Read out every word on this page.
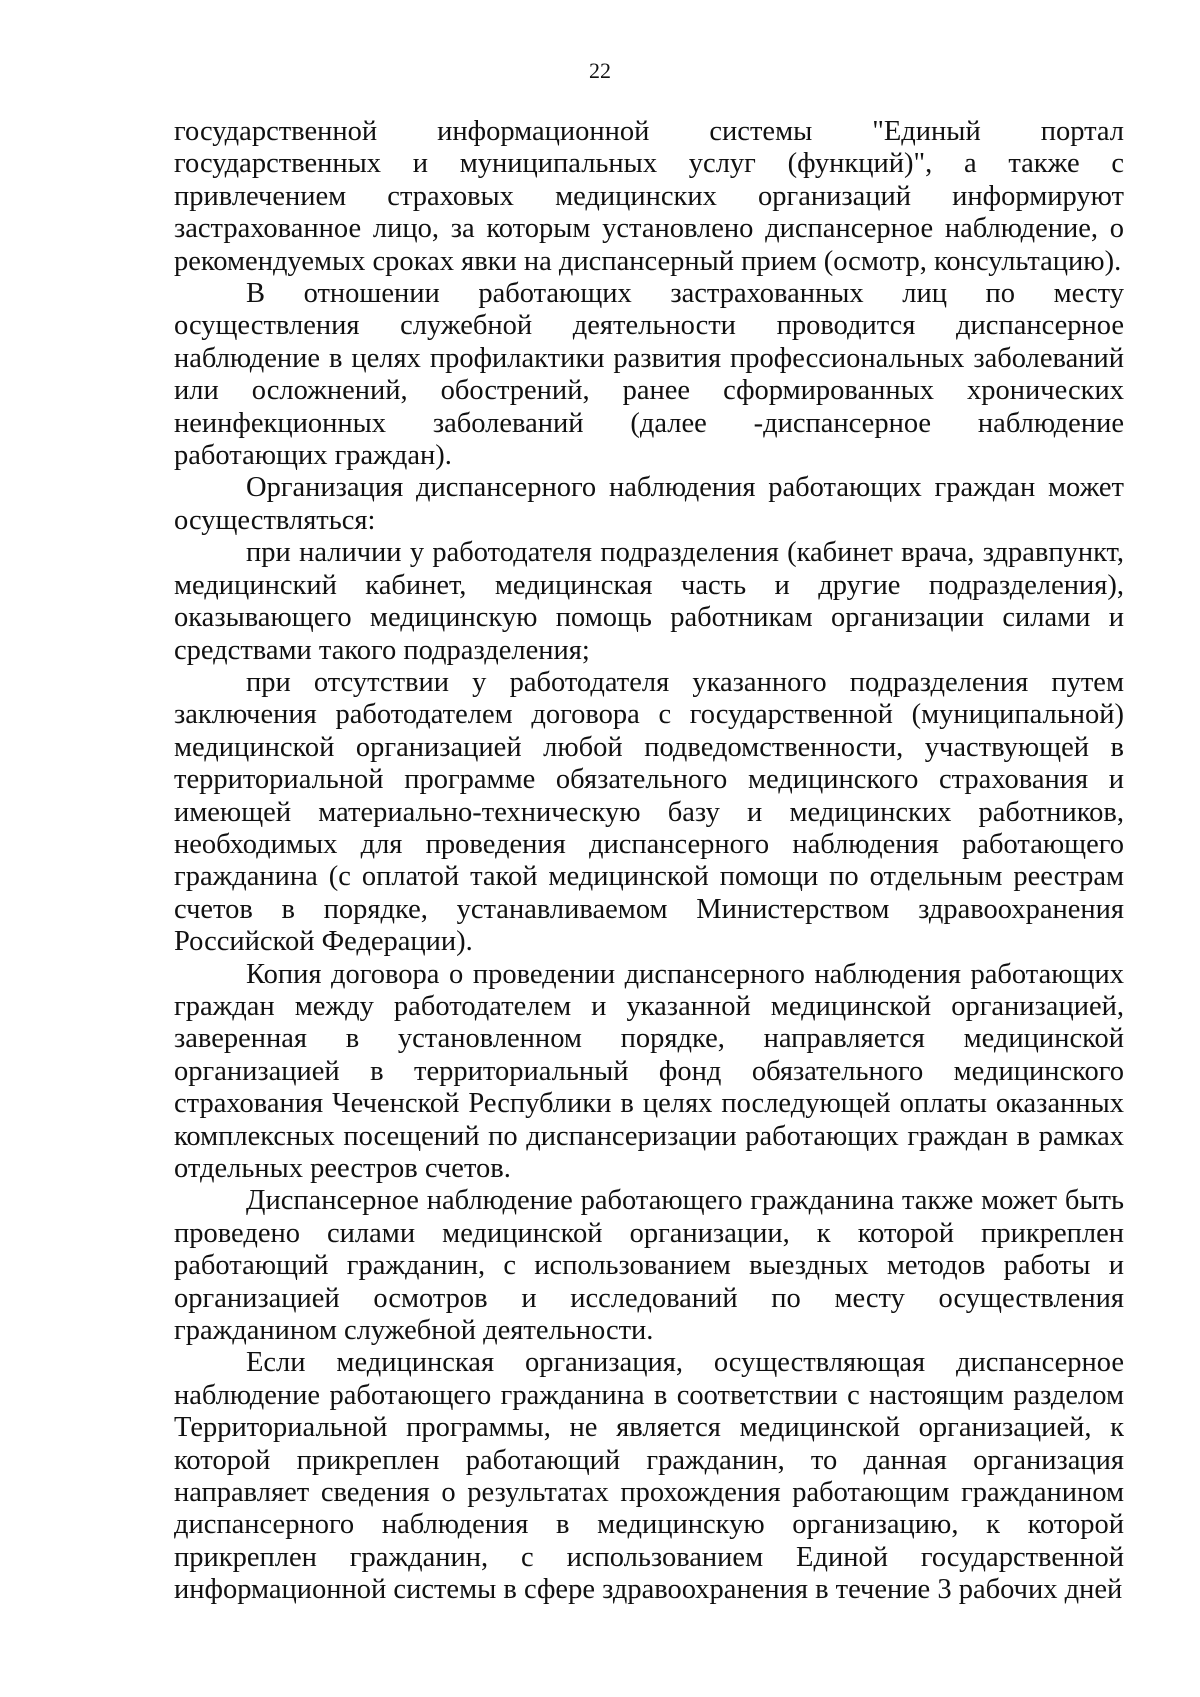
22

государственной информационной системы "Единый портал государственных и муниципальных услуг (функций)", а также с привлечением страховых медицинских организаций информируют застрахованное лицо, за которым установлено диспансерное наблюдение, о рекомендуемых сроках явки на диспансерный прием (осмотр, консультацию).

В отношении работающих застрахованных лиц по месту осуществления служебной деятельности проводится диспансерное наблюдение в целях профилактики развития профессиональных заболеваний или осложнений, обострений, ранее сформированных хронических неинфекционных заболеваний (далее -диспансерное наблюдение работающих граждан).

Организация диспансерного наблюдения работающих граждан может осуществляться:

при наличии у работодателя подразделения (кабинет врача, здравпункт, медицинский кабинет, медицинская часть и другие подразделения), оказывающего медицинскую помощь работникам организации силами и средствами такого подразделения;

при отсутствии у работодателя указанного подразделения путем заключения работодателем договора с государственной (муниципальной) медицинской организацией любой подведомственности, участвующей в территориальной программе обязательного медицинского страхования и имеющей материально-техническую базу и медицинских работников, необходимых для проведения диспансерного наблюдения работающего гражданина (с оплатой такой медицинской помощи по отдельным реестрам счетов в порядке, устанавливаемом Министерством здравоохранения Российской Федерации).

Копия договора о проведении диспансерного наблюдения работающих граждан между работодателем и указанной медицинской организацией, заверенная в установленном порядке, направляется медицинской организацией в территориальный фонд обязательного медицинского страхования Чеченской Республики в целях последующей оплаты оказанных комплексных посещений по диспансеризации работающих граждан в рамках отдельных реестров счетов.

Диспансерное наблюдение работающего гражданина также может быть проведено силами медицинской организации, к которой прикреплен работающий гражданин, с использованием выездных методов работы и организацией осмотров и исследований по месту осуществления гражданином служебной деятельности.

Если медицинская организация, осуществляющая диспансерное наблюдение работающего гражданина в соответствии с настоящим разделом Территориальной программы, не является медицинской организацией, к которой прикреплен работающий гражданин, то данная организация направляет сведения о результатах прохождения работающим гражданином диспансерного наблюдения в медицинскую организацию, к которой прикреплен гражданин, с использованием Единой государственной информационной системы в сфере здравоохранения в течение 3 рабочих дней
